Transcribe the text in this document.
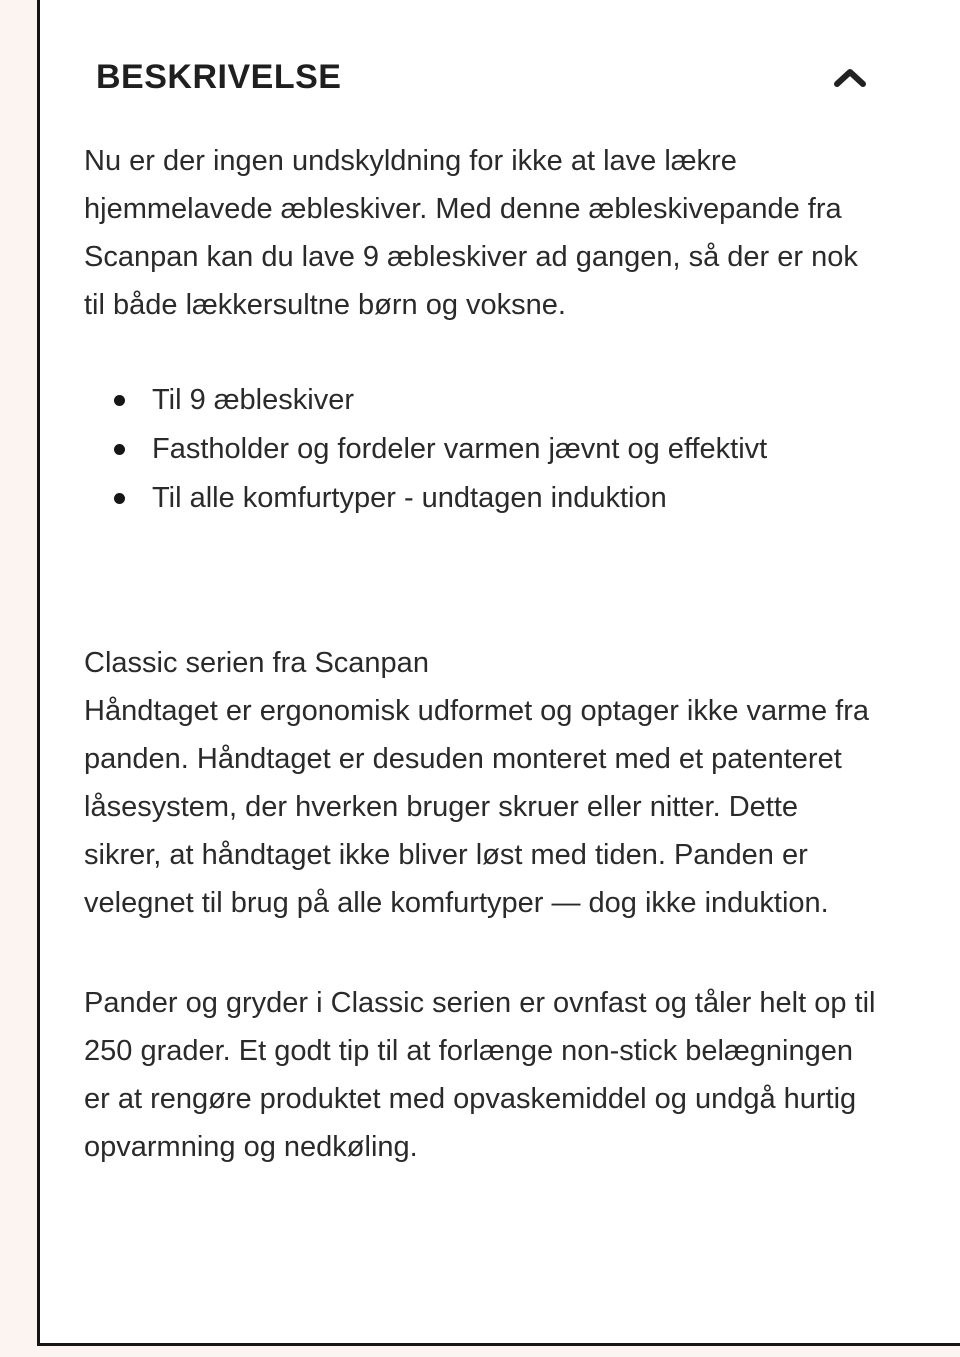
BESKRIVELSE

Nu er der ingen undskyldning for ikke at lave lækre hjemmelavede æbleskiver. Med denne æbleskivepande fra Scanpan kan du lave 9 æbleskiver ad gangen, så der er nok til både lækkersultne børn og voksne.

Til 9 æbleskiver
Fastholder og fordeler varmen jævnt og effektivt
Til alle komfurtyper - undtagen induktion
Classic serien fra Scanpan
Håndtaget er ergonomisk udformet og optager ikke varme fra panden. Håndtaget er desuden monteret med et patenteret låsesystem, der hverken bruger skruer eller nitter. Dette sikrer, at håndtaget ikke bliver løst med tiden. Panden er velegnet til brug på alle komfurtyper — dog ikke induktion.

Pander og gryder i Classic serien er ovnfast og tåler helt op til 250 grader. Et godt tip til at forlænge non-stick belægningen er at rengøre produktet med opvaskemiddel og undgå hurtig opvarmning og nedkøling.
